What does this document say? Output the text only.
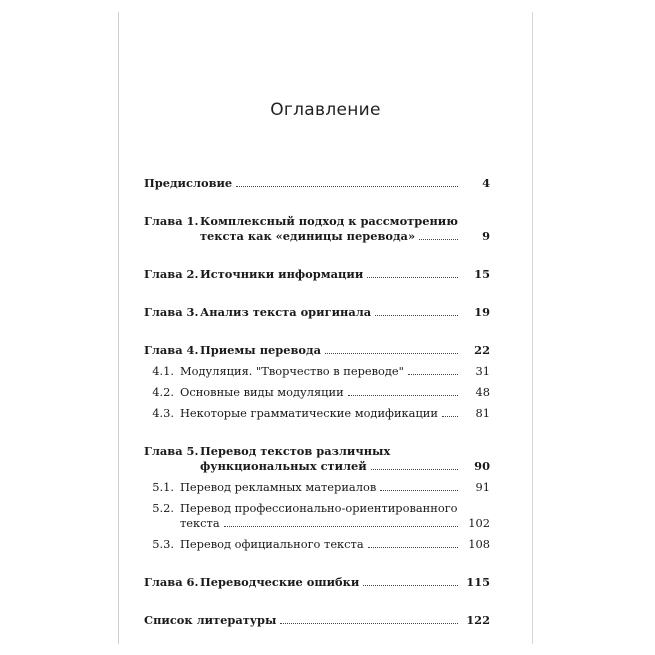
Оглавление
Предисловие	4
Глава 1. Комплексный подход к рассмотрению
текста как «единицы перевода»	9
Глава 2. Источники информации	15
Глава 3. Анализ текста оригинала	19
Глава 4. Приемы перевода	22
4.1. Модуляция. "Творчество в переводе"	31
4.2. Основные виды модуляции	48
4.3. Некоторые грамматические модификации	81
Глава 5. Перевод текстов различных
функциональных стилей	90
5.1. Перевод рекламных материалов	91
5.2. Перевод профессионально-ориентированного
текста	102
5.3. Перевод официального текста	108
Глава 6. Переводческие ошибки	115
Список литературы	122
